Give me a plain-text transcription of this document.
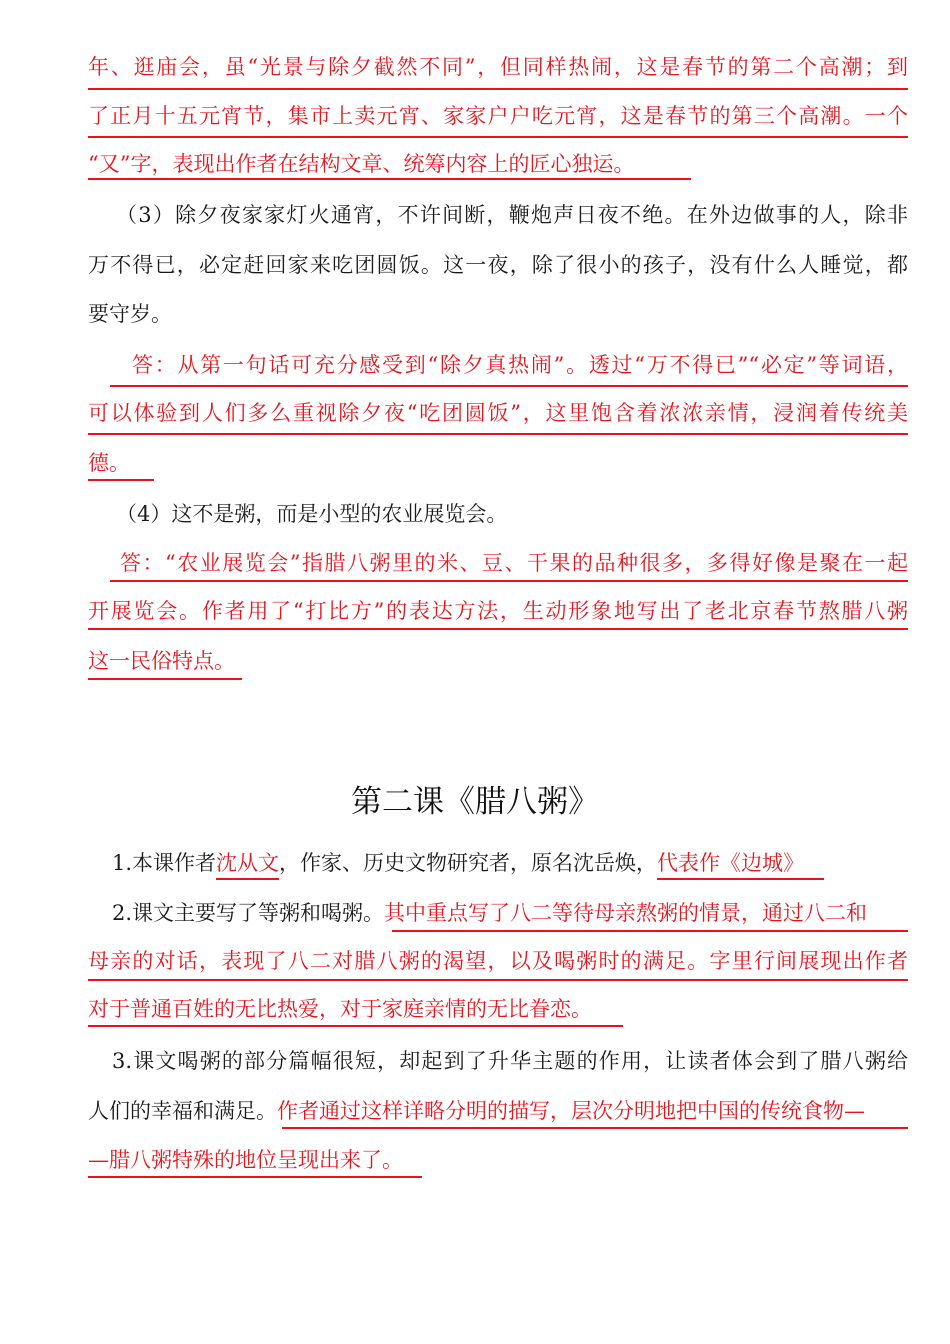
年、逛庙会，虽“光景与除夕截然不同”，但同样热闹，这是春节的第二个高潮；到
了正月十五元宵节，集市上卖元宵、家家户户吃元宵，这是春节的第三个高潮。一个
“又”字，表现出作者在结构文章、统筹内容上的匠心独运。
（3）除夕夜家家灯火通宵，不许间断，鞭炮声日夜不绝。在外边做事的人，除非
万不得已，必定赶回家来吃团圆饭。这一夜，除了很小的孩子，没有什么人睡觉，都
要守岁。
答：从第一句话可充分感受到“除夕真热闹”。透过“万不得已”“必定”等词语，
可以体验到人们多么重视除夕夜“吃团圆饭”，这里饱含着浓浓亲情，浸润着传统美
德。
（4）这不是粥，而是小型的农业展览会。
答：“农业展览会”指腊八粥里的米、豆、干果的品种很多，多得好像是聚在一起
开展览会。作者用了“打比方”的表达方法，生动形象地写出了老北京春节熬腊八粥
这一民俗特点。
第二课《腊八粥》
1.本课作者沈从文，作家、历史文物研究者，原名沈岳焕，代表作《边城》
2.课文主要写了等粥和喝粥。其中重点写了八二等待母亲熬粥的情景，通过八二和
母亲的对话，表现了八二对腊八粥的渴望，以及喝粥时的满足。字里行间展现出作者
对于普通百姓的无比热爱，对于家庭亲情的无比眷恋。
3.课文喝粥的部分篇幅很短，却起到了升华主题的作用，让读者体会到了腊八粥给
人们的幸福和满足。作者通过这样详略分明的描写，层次分明地把中国的传统食物—
—腊八粥特殊的地位呈现出来了。
